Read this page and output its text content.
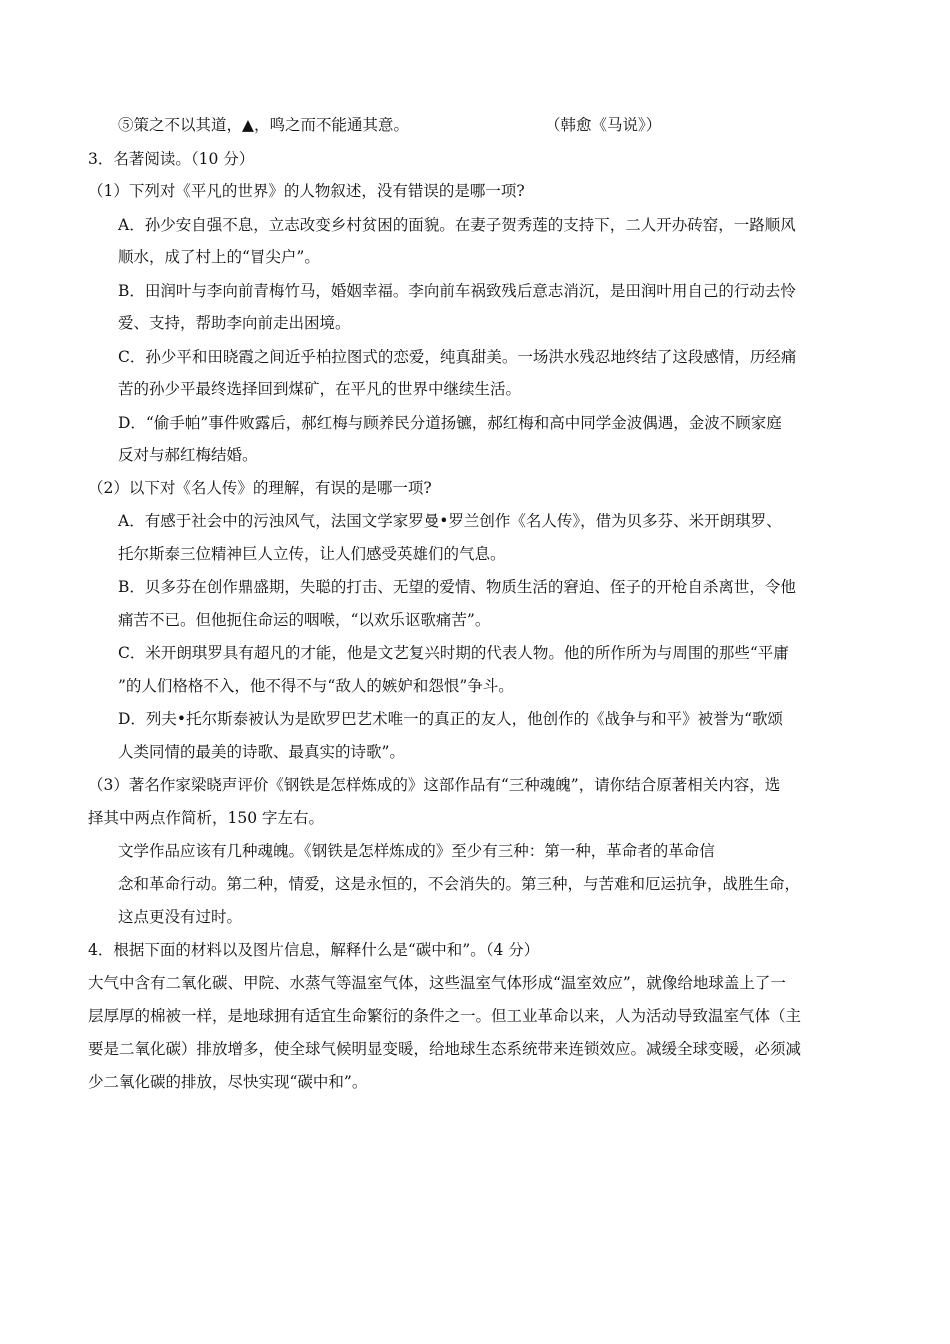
⑤策之不以其道，▲，鸣之而不能通其意。	（韩愈《马说》）
3．名著阅读。（10 分）
（1）下列对《平凡的世界》的人物叙述，没有错误的是哪一项?
A．孙少安自强不息，立志改变乡村贫困的面貌。在妻子贺秀莲的支持下，二人开办砖窑，一路顺风
顺水，成了村上的“冒尖户”。
B．田润叶与李向前青梅竹马，婚姻幸福。李向前车祸致残后意志消沉，是田润叶用自己的行动去怜
爱、支持，帮助李向前走出困境。
C．孙少平和田晓霞之间近乎柏拉图式的恋爱，纯真甜美。一场洪水残忍地终结了这段感情，历经痛
苦的孙少平最终选择回到煤矿，在平凡的世界中继续生活。
D．“偷手帕”事件败露后，郝红梅与顾养民分道扬镳，郝红梅和高中同学金波偶遇，金波不顾家庭
反对与郝红梅结婚。
（2）以下对《名人传》的理解，有误的是哪一项?
A．有感于社会中的污浊风气，法国文学家罗曼•罗兰创作《名人传》，借为贝多芬、米开朗琪罗、
托尔斯泰三位精神巨人立传，让人们感受英雄们的气息。
B．贝多芬在创作鼎盛期，失聪的打击、无望的爱情、物质生活的窘迫、侄子的开枪自杀离世，令他
痛苦不已。但他扼住命运的咽喉，“以欢乐讴歌痛苦”。
C．米开朗琪罗具有超凡的才能，他是文艺复兴时期的代表人物。他的所作所为与周围的那些“平庸
”的人们格格不入，他不得不与“敌人的嫉妒和怨恨”争斗。
D．列夫•托尔斯泰被认为是欧罗巴艺术唯一的真正的友人，他创作的《战争与和平》被誉为“歌颂
人类同情的最美的诗歌、最真实的诗歌”。
（3）著名作家梁晓声评价《钢铁是怎样炼成的》这部作品有“三种魂魄”，请你结合原著相关内容，选
择其中两点作简析，150 字左右。
文学作品应该有几种魂魄。《钢铁是怎样炼成的》至少有三种：第一种，革命者的革命信
念和革命行动。第二种，情爱，这是永恒的，不会消失的。第三种，与苦难和厄运抗争，战胜生命，
这点更没有过时。
4．根据下面的材料以及图片信息，解释什么是“碳中和”。（4 分）
大气中含有二氧化碳、甲院、水蒸气等温室气体，这些温室气体形成“温室效应”，就像给地球盖上了一
层厚厚的棉被一样，是地球拥有适宜生命繁衍的条件之一。但工业革命以来，人为活动导致温室气体（主
要是二氧化碳）排放增多，使全球气候明显变暖，给地球生态系统带来连锁效应。减缓全球变暖，必须减
少二氧化碳的排放，尽快实现“碳中和”。
